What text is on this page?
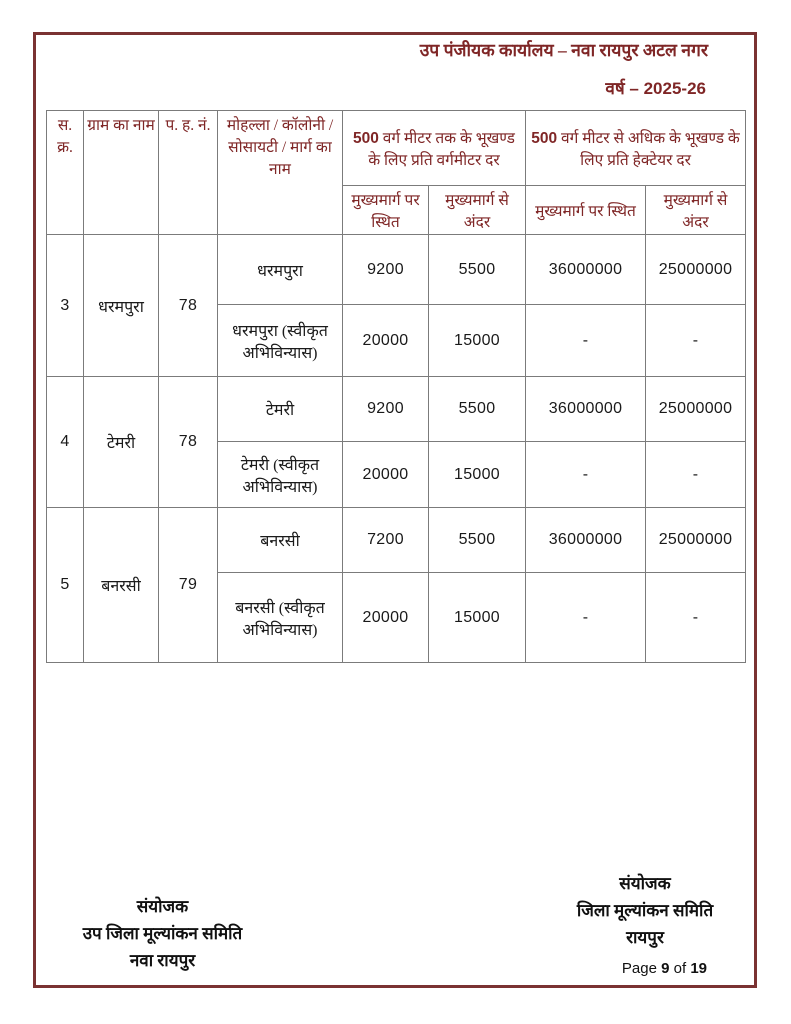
उप पंजीयक कार्यालय – नवा रायपुर अटल नगर
वर्ष – 2025-26
स. क्र.	ग्राम का नाम	प. ह. नं.	मोहल्ला / कॉलोनी / सोसायटी / मार्ग का नाम	500 वर्ग मीटर तक के भूखण्ड के लिए प्रति वर्गमीटर दर		500 वर्ग मीटर से अधिक के भूखण्ड के लिए प्रति हेक्टेयर दर	
				मुख्यमार्ग पर स्थित	मुख्यमार्ग से अंदर	मुख्यमार्ग पर स्थित	मुख्यमार्ग से अंदर
3	धरमपुरा	78	धरमपुरा	9200	5500	36000000	25000000
			धरमपुरा (स्वीकृत अभिविन्यास)	20000	15000	-	-
4	टेमरी	78	टेमरी	9200	5500	36000000	25000000
			टेमरी (स्वीकृत अभिविन्यास)	20000	15000	-	-
5	बनरसी	79	बनरसी	7200	5500	36000000	25000000
			बनरसी (स्वीकृत अभिविन्यास)	20000	15000	-	-
संयोजक
उप जिला मूल्यांकन समिति
नवा रायपुर
संयोजक
जिला मूल्यांकन समिति
रायपुर
Page 9 of 19
